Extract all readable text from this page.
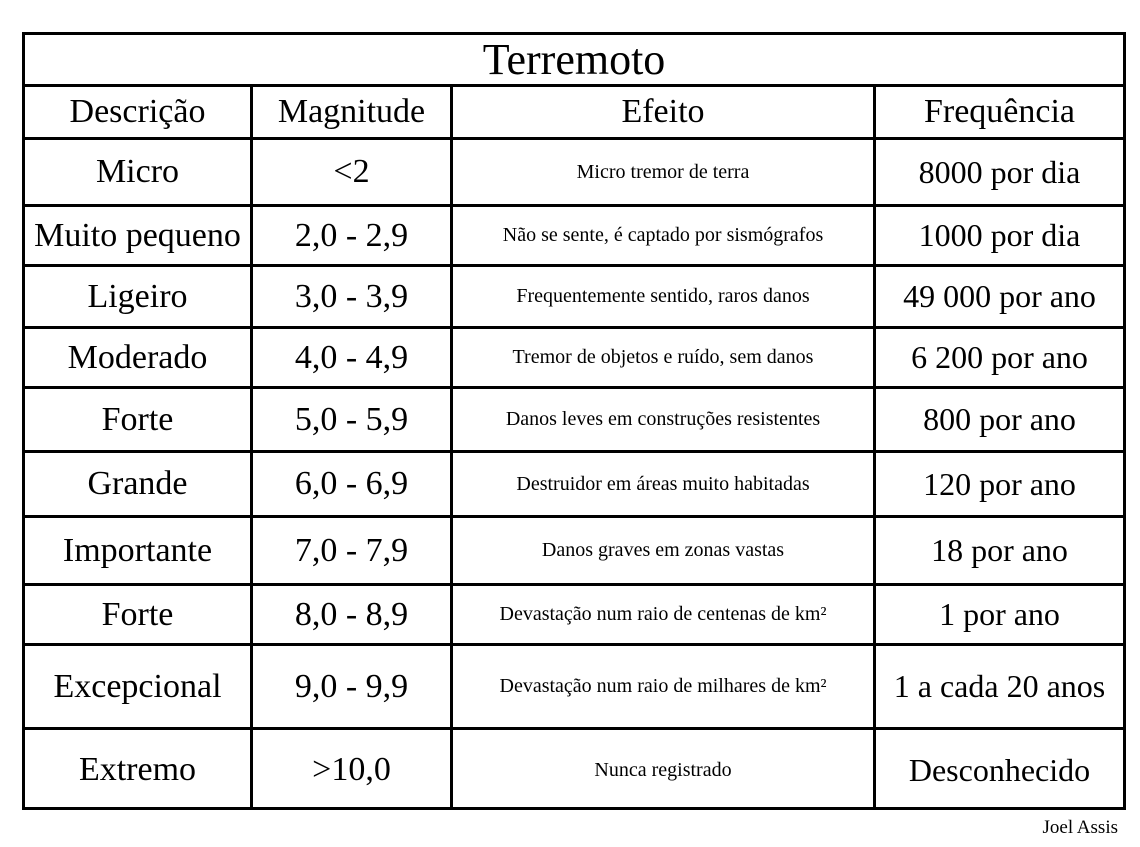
Terremoto
Descrição	Magnitude	Efeito	Frequência
Micro	<2	Micro tremor de terra	8000 por dia
Muito pequeno	2,0 - 2,9	Não se sente, é captado por sismógrafos	1000 por dia
Ligeiro	3,0 - 3,9	Frequentemente sentido, raros danos	49 000 por ano
Moderado	4,0 - 4,9	Tremor de objetos e ruído, sem danos	6 200 por ano
Forte	5,0 - 5,9	Danos leves em construções resistentes	800 por ano
Grande	6,0 - 6,9	Destruidor em áreas muito habitadas	120 por ano
Importante	7,0 - 7,9	Danos graves em zonas vastas	18 por ano
Forte	8,0 - 8,9	Devastação num raio de centenas de km²	1 por ano
Excepcional	9,0 - 9,9	Devastação num raio de milhares de km²	1 a cada 20 anos
Extremo	>10,0	Nunca registrado	Desconhecido
Joel Assis
